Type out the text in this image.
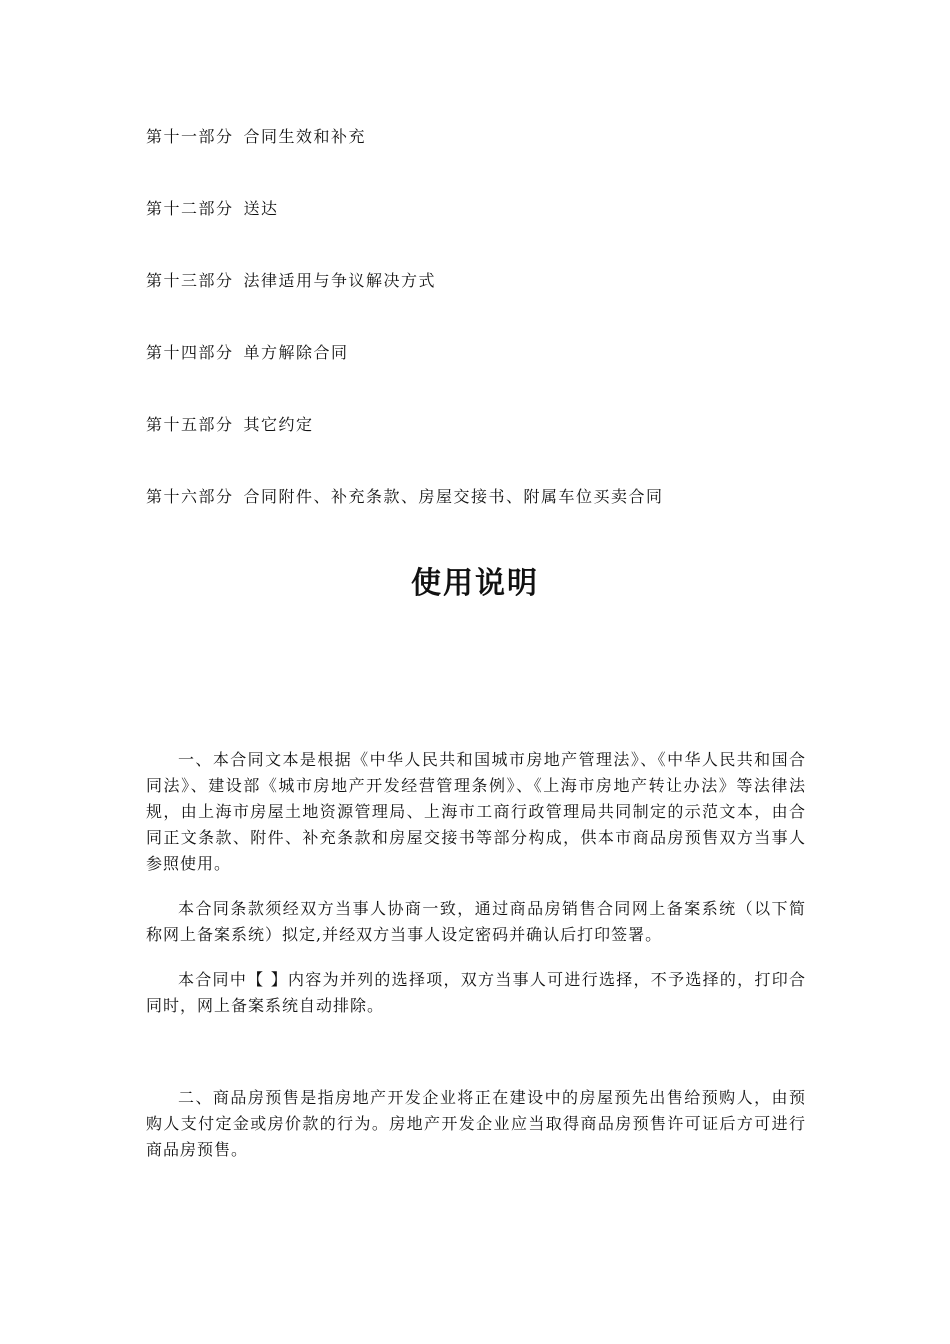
第十一部分 合同生效和补充
第十二部分 送达
第十三部分 法律适用与争议解决方式
第十四部分 单方解除合同
第十五部分 其它约定
第十六部分 合同附件、补充条款、房屋交接书、附属车位买卖合同
使用说明

一、本合同文本是根据《中华人民共和国城市房地产管理法》、《中华人民共和国合同法》、建设部《城市房地产开发经营管理条例》、《上海市房地产转让办法》等法律法规，由上海市房屋土地资源管理局、上海市工商行政管理局共同制定的示范文本，由合同正文条款、附件、补充条款和房屋交接书等部分构成，供本市商品房预售双方当事人参照使用。

本合同条款须经双方当事人协商一致，通过商品房销售合同网上备案系统（以下简称网上备案系统）拟定,并经双方当事人设定密码并确认后打印签署。

本合同中【 】内容为并列的选择项，双方当事人可进行选择，不予选择的，打印合同时，网上备案系统自动排除。

二、商品房预售是指房地产开发企业将正在建设中的房屋预先出售给预购人，由预购人支付定金或房价款的行为。房地产开发企业应当取得商品房预售许可证后方可进行商品房预售。
